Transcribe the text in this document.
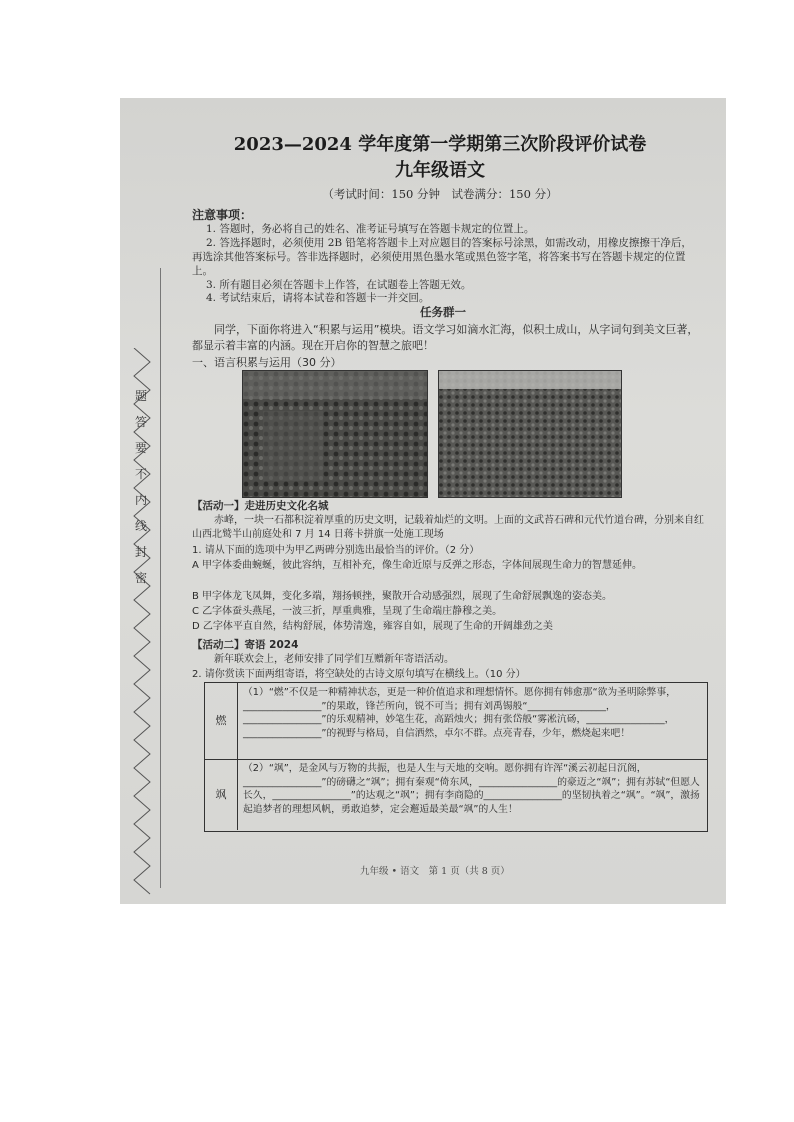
题
答
要
不
内
线
封
密
2023—2024 学年度第一学期第三次阶段评价试卷
九年级语文
（考试时间：150 分钟　试卷满分：150 分）
注意事项：
1. 答题时，务必将自己的姓名、准考证号填写在答题卡规定的位置上。
2. 答选择题时，必须使用 2B 铅笔将答题卡上对应题目的答案标号涂黑，如需改动，用橡皮擦擦干净后，再选涂其他答案标号。答非选择题时，必须使用黑色墨水笔或黑色签字笔，将答案书写在答题卡规定的位置上。
3. 所有题目必须在答题卡上作答，在试题卷上答题无效。
4. 考试结束后，请将本试卷和答题卡一并交回。
任务群一
同学，下面你将进入“积累与运用”模块。语文学习如滴水汇海，似积土成山，从字词句到美文巨著，都显示着丰富的内涵。现在开启你的智慧之旅吧！
一、语言积累与运用（30 分）
【活动一】走进历史文化名城
赤峰，一块一石都积淀着厚重的历史文明，记载着灿烂的文明。上面的文武苔石碑和元代竹道台碑，分别来自红山西北鹫半山前庭处和 7 月 14 日蒋卡拼旗一处施工现场
1. 请从下面的选项中为甲乙两碑分别选出最恰当的评价。（2 分）
A 甲字体委曲蜿蜒，彼此容纳，互相补充，像生命近原与反弹之形态，字体间展现生命力的智慧延伸。
B 甲字体龙飞凤舞，变化多端，翔扬顿挫，聚散开合动感强烈，展现了生命舒展飘逸的姿态美。
C 乙字体蚕头燕尾，一波三折，厚重典雅，呈现了生命端庄静穆之美。
D 乙字体平直自然，结构舒展，体势清逸，雍容自如，展现了生命的开阔雄劲之美
【活动二】寄语 2024
新年联欢会上，老师安排了同学们互赠新年寄语活动。
2. 请你赏读下面两组寄语，将空缺处的古诗文原句填写在横线上。（10 分）
燃
（1）“燃”不仅是一种精神状态，更是一种价值追求和理想情怀。愿你拥有韩愈那“欲为圣明除弊事，________________”的果敢，锋芒所向，锐不可当；拥有刘禹锡般“________________，________________”的乐观精神，妙笔生花，高蹈烛火；拥有张岱般“雾凇沆砀，________________，________________”的视野与格局，自信洒然，卓尔不群。点亮青春，少年，燃烧起来吧！
飒
（2）“飒”，是金风与万物的共振，也是人生与天地的交响。愿你拥有许浑“溪云初起日沉阁，________________”的磅礴之“飒”；拥有秦观“倚东风，________________的豪迈之“飒”；拥有苏轼“但愿人长久，________________”的达观之“飒”；拥有李商隐的________________的坚韧执着之“飒”。“飒”，激扬起追梦者的理想风帆，勇敢追梦，定会邂逅最美最“飒”的人生！
九年级 • 语文　第 1 页（共 8 页）
